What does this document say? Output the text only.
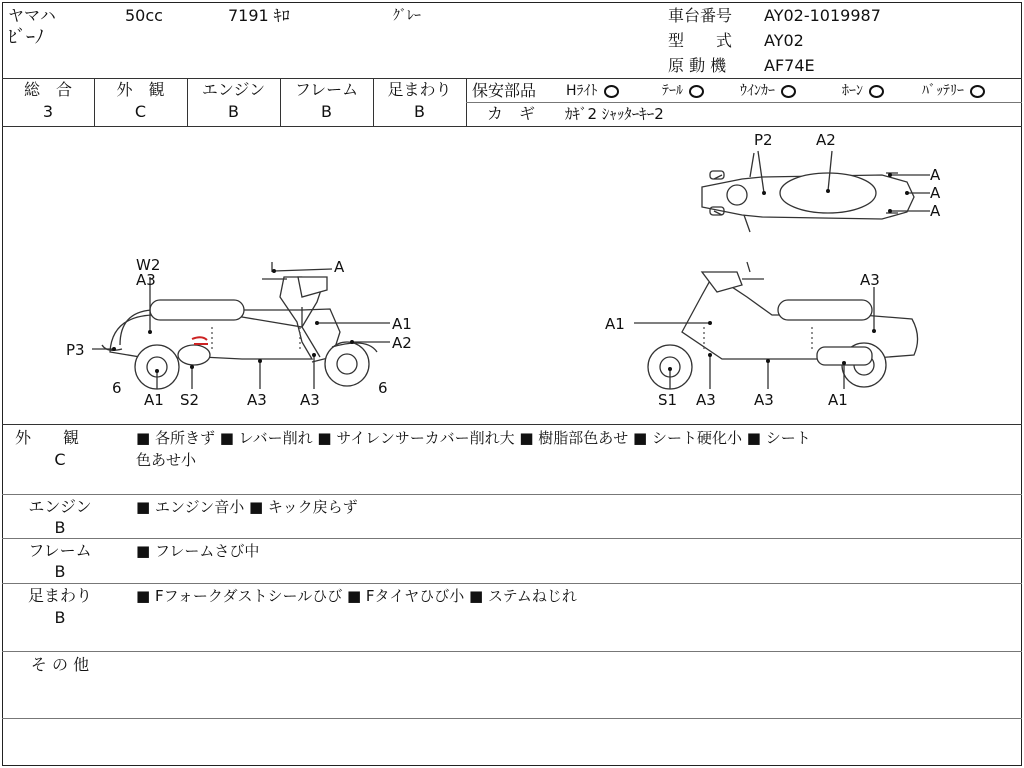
ヤマハ	50cc	7191 ｷﾛ	ｸﾞﾚｰ
ﾋﾞｰﾉ
車台番号 AY02-1019987
型　　式 AY02
原 動 機 AF74E
総　合
3
外　観
C
エンジン
B
フレーム
B
足まわり
B
保安部品 Hﾗｲﾄ	ﾃｰﾙ	ｳｲﾝｶｰ	ﾎｰﾝ	ﾊﾞｯﾃﾘｰ
カ　ギ ｶｷﾞ2 ｼｬｯﾀｰｷｰ2
P2	A2
A
A
A
W2
A3
A
A1
A2
P3
6
A1 S2	A3 A3
6
A3
A1
S1 A3	A3	A1
外　　観
C
■ 各所きず ■ レバー削れ ■ サイレンサーカバー削れ大 ■ 樹脂部色あせ ■ シート硬化小 ■ シート
色あせ小
エンジン
B
■ エンジン音小 ■ キック戻らず
フレーム
B
■ フレームさび中
足まわり
B
■ Fフォークダストシールひび ■ Fタイヤひび小 ■ ステムねじれ
そ の 他
